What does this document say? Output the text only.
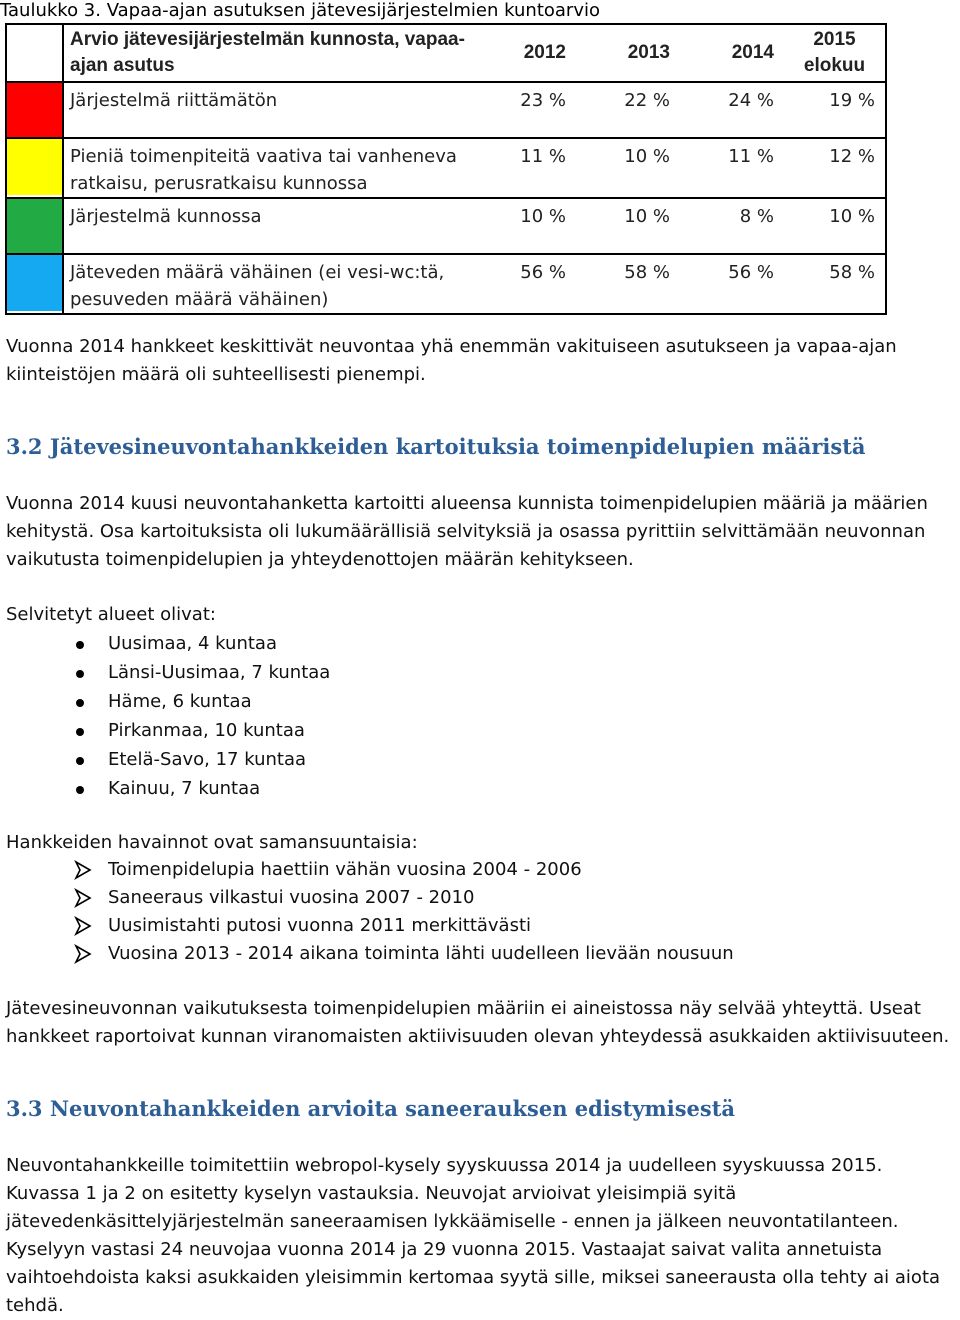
Taulukko 3. Vapaa-ajan asutuksen jätevesijärjestelmien kuntoarvio
	Arvio jätevesijärjestelmän kunnosta, vapaa-ajan asutus	2012	2013	2014	2015 elokuu

	Järjestelmä riittämätön	23 %	22 %	24 %	19 %

	Pieniä toimenpiteitä vaativa tai vanheneva ratkaisu, perusratkaisu kunnossa	11 %	10 %	11 %	12 %

	Järjestelmä kunnossa	10 %	10 %	8 %	10 %

	Jäteveden määrä vähäinen (ei vesi-wc:tä, pesuveden määrä vähäinen)	56 %	58 %	56 %	58 %
Vuonna 2014 hankkeet keskittivät neuvontaa yhä enemmän vakituiseen asutukseen ja vapaa-ajan kiinteistöjen määrä oli suhteellisesti pienempi.
3.2 Jätevesineuvontahankkeiden kartoituksia toimenpidelupien määristä
Vuonna 2014 kuusi neuvontahanketta kartoitti alueensa kunnista toimenpidelupien määriä ja määrien kehitystä. Osa kartoituksista oli lukumäärällisiä selvityksiä ja osassa pyrittiin selvittämään neuvonnan vaikutusta toimenpidelupien ja yhteydenottojen määrän kehitykseen.
Selvitetyt alueet olivat:
Uusimaa, 4 kuntaa
Länsi-Uusimaa, 7 kuntaa
Häme, 6 kuntaa
Pirkanmaa, 10 kuntaa
Etelä-Savo, 17 kuntaa
Kainuu, 7 kuntaa
Hankkeiden havainnot ovat samansuuntaisia:
Toimenpidelupia haettiin vähän vuosina 2004 - 2006
Saneeraus vilkastui vuosina 2007 - 2010
Uusimistahti putosi vuonna 2011 merkittävästi
Vuosina 2013 - 2014 aikana toiminta lähti uudelleen lievään nousuun
Jätevesineuvonnan vaikutuksesta toimenpidelupien määriin ei aineistossa näy selvää yhteyttä. Useat hankkeet raportoivat kunnan viranomaisten aktiivisuuden olevan yhteydessä asukkaiden aktiivisuuteen.
3.3 Neuvontahankkeiden arvioita saneerauksen edistymisestä
Neuvontahankkeille toimitettiin webropol-kysely syyskuussa 2014 ja uudelleen syyskuussa 2015. Kuvassa 1 ja 2 on esitetty kyselyn vastauksia. Neuvojat arvioivat yleisimpiä syitä jätevedenkäsittelyjärjestelmän saneeraamisen lykkäämiselle - ennen ja jälkeen neuvontatilanteen. Kyselyyn vastasi 24 neuvojaa vuonna 2014 ja 29 vuonna 2015. Vastaajat saivat valita annetuista vaihtoehdoista kaksi asukkaiden yleisimmin kertomaa syytä sille, miksei saneerausta olla tehty ai aiota tehdä.
